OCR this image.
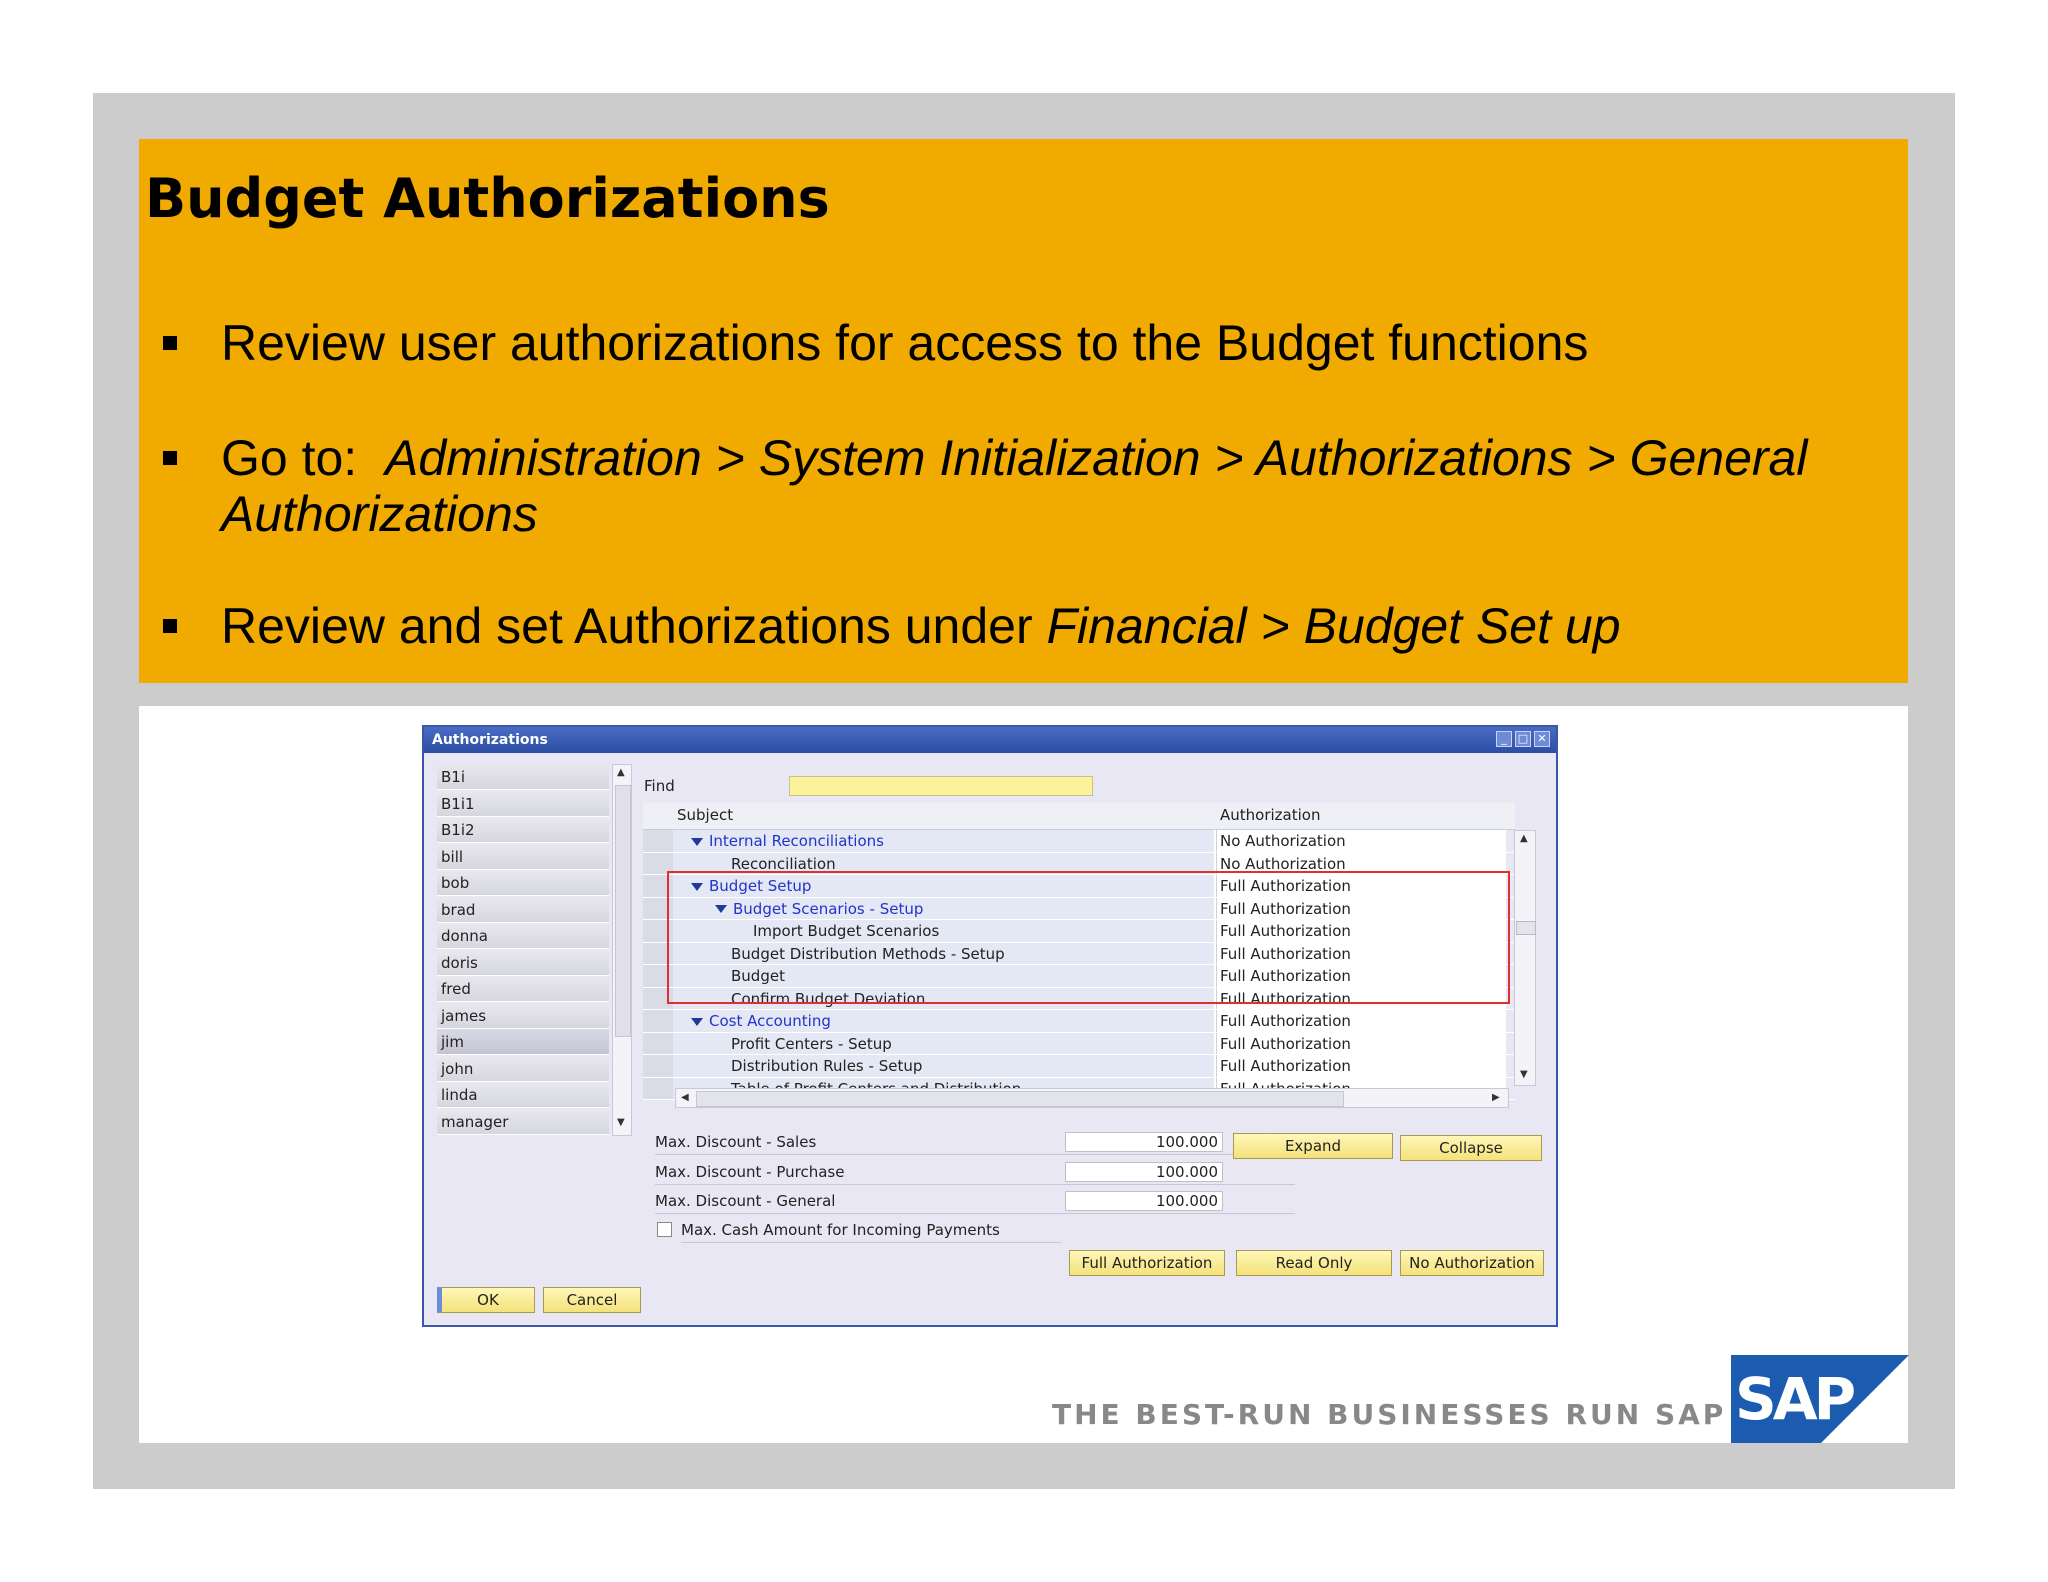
Budget Authorizations
Review user authorizations for access to the Budget functions
Go to: Administration > System Initialization > Authorizations > General Authorizations
Review and set Authorizations under Financial > Budget Set up
Authorizations	_	□ ✕
B1i
B1i1
B1i2
bill
bob
brad
donna
doris
fred
james
jim
john
linda
manager
▲
▼
Find
Subject	Authorization
Internal Reconciliations	No Authorization
Reconciliation	No Authorization
Budget Setup	Full Authorization
Budget Scenarios - Setup	Full Authorization
Import Budget Scenarios	Full Authorization
Budget Distribution Methods - Setup	Full Authorization
Budget	Full Authorization
Confirm Budget Deviation	Full Authorization
Cost Accounting	Full Authorization
Profit Centers - Setup	Full Authorization
Distribution Rules - Setup	Full Authorization
▲
▼
◀	▶
Max. Discount - Sales	100.000
Max. Discount - Purchase	100.000
Max. Discount - General	100.000
Max. Cash Amount for Incoming Payments
Expand	Collapse
Full Authorization	Read Only	No Authorization
OK	Cancel
THE BEST-RUN BUSINESSES RUN SAP SAP
